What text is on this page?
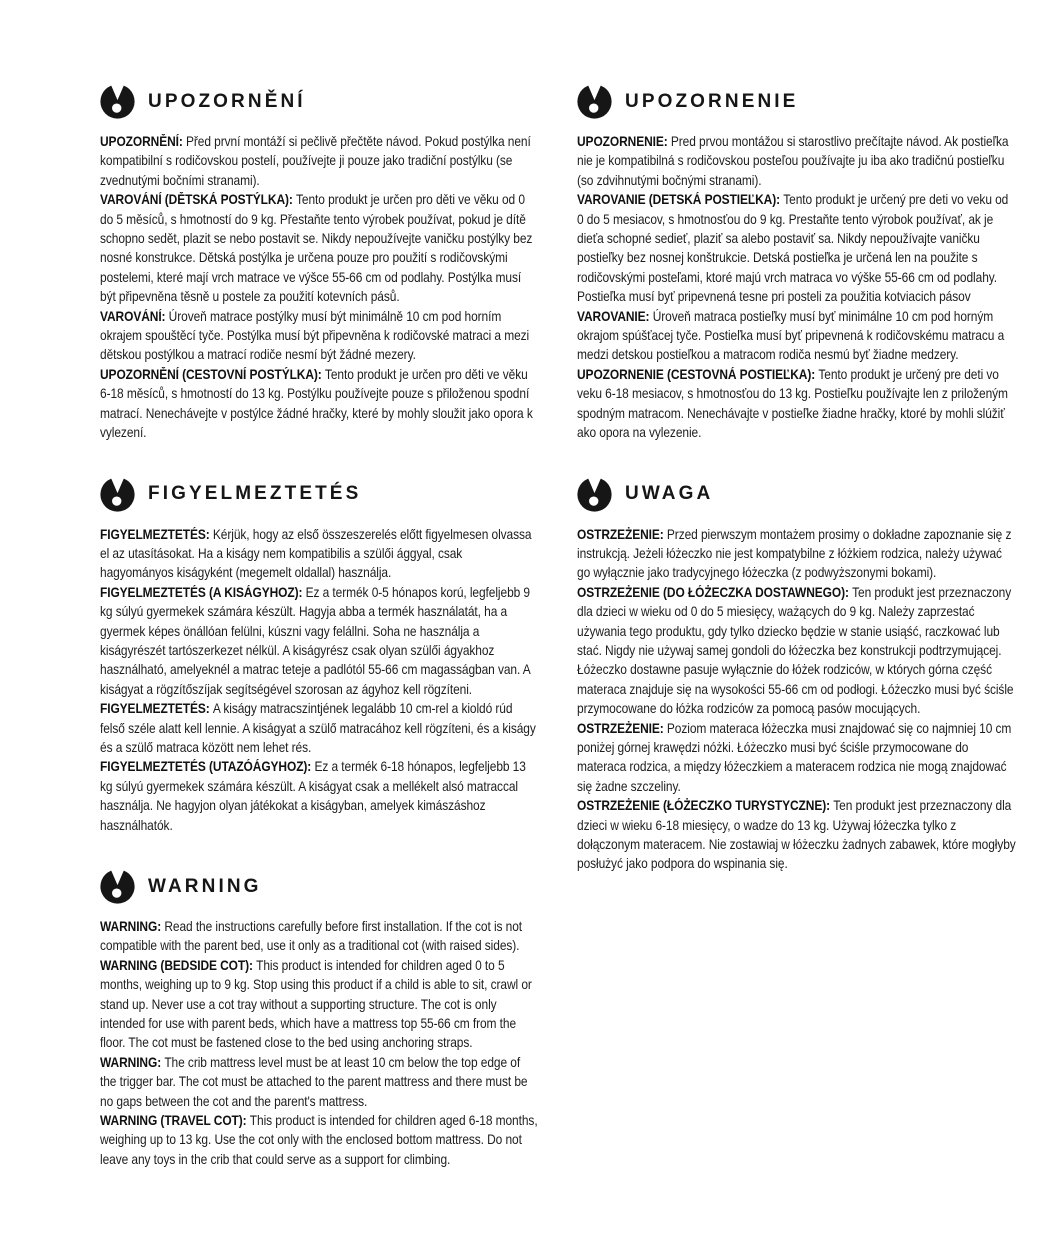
UPOZORNĚNÍ

UPOZORNĚNÍ: Před první montáží si pečlivě přečtěte návod. Pokud postýlka není kompatibilní s rodičovskou postelí, používejte ji pouze jako tradiční postýlku (se zvednutými bočními stranami).

VAROVÁNÍ (DĚTSKÁ POSTÝLKA): Tento produkt je určen pro děti ve věku od 0 do 5 měsíců, s hmotností do 9 kg. Přestaňte tento výrobek používat, pokud je dítě schopno sedět, plazit se nebo postavit se. Nikdy nepoužívejte vaničku postýlky bez nosné konstrukce. Dětská postýlka je určena pouze pro použití s rodičovskými postelemi, které mají vrch matrace ve výšce 55-66 cm od podlahy. Postýlka musí být připevněna těsně u postele za použití kotevních pásů.

VAROVÁNÍ: Úroveň matrace postýlky musí být minimálně 10 cm pod horním okrajem spouštěcí tyče. Postýlka musí být připevněna k rodičovské matraci a mezi dětskou postýlkou a matrací rodiče nesmí být žádné mezery.

UPOZORNĚNÍ (CESTOVNÍ POSTÝLKA): Tento produkt je určen pro děti ve věku 6-18 měsíců, s hmotností do 13 kg. Postýlku používejte pouze s přiloženou spodní matrací. Nenechávejte v postýlce žádné hračky, které by mohly sloužit jako opora k vylezení.

FIGYELMEZTETÉS

FIGYELMEZTETÉS: Kérjük, hogy az első összeszerelés előtt figyelmesen olvassa el az utasításokat. Ha a kiságy nem kompatibilis a szülői ággyal, csak hagyományos kiságyként (megemelt oldallal) használja.

FIGYELMEZTETÉS (A KISÁGYHOZ): Ez a termék 0-5 hónapos korú, legfeljebb 9 kg súlyú gyermekek számára készült. Hagyja abba a termék használatát, ha a gyermek képes önállóan felülni, kúszni vagy felállni. Soha ne használja a kiságyrészét tartószerkezet nélkül. A kiságyrész csak olyan szülői ágyakhoz használható, amelyeknél a matrac teteje a padlótól 55-66 cm magasságban van. A kiságyat a rögzítőszíjak segítségével szorosan az ágyhoz kell rögzíteni.

FIGYELMEZTETÉS: A kiságy matracszintjének legalább 10 cm-rel a kioldó rúd felső széle alatt kell lennie. A kiságyat a szülő matracához kell rögzíteni, és a kiságy és a szülő matraca között nem lehet rés.

FIGYELMEZTETÉS (UTAZÓÁGYHOZ): Ez a termék 6-18 hónapos, legfeljebb 13 kg súlyú gyermekek számára készült. A kiságyat csak a mellékelt alsó matraccal használja. Ne hagyjon olyan játékokat a kiságyban, amelyek kimászáshoz használhatók.

WARNING

WARNING: Read the instructions carefully before first installation. If the cot is not compatible with the parent bed, use it only as a traditional cot (with raised sides).

WARNING (BEDSIDE COT): This product is intended for children aged 0 to 5 months, weighing up to 9 kg. Stop using this product if a child is able to sit, crawl or stand up. Never use a cot tray without a supporting structure. The cot is only intended for use with parent beds, which have a mattress top 55-66 cm from the floor. The cot must be fastened close to the bed using anchoring straps.

WARNING: The crib mattress level must be at least 10 cm below the top edge of the trigger bar. The cot must be attached to the parent mattress and there must be no gaps between the cot and the parent's mattress.

WARNING (TRAVEL COT): This product is intended for children aged 6-18 months, weighing up to 13 kg. Use the cot only with the enclosed bottom mattress. Do not leave any toys in the crib that could serve as a support for climbing.

UPOZORNENIE

UPOZORNENIE: Pred prvou montážou si starostlivo prečítajte návod. Ak postieľka nie je kompatibilná s rodičovskou posteľou používajte ju iba ako tradičnú postieľku (so zdvihnutými bočnými stranami).

VAROVANIE (DETSKÁ POSTIEĽKA): Tento produkt je určený pre deti vo veku od 0 do 5 mesiacov, s hmotnosťou do 9 kg. Prestaňte tento výrobok používať, ak je dieťa schopné sedieť, plaziť sa alebo postaviť sa. Nikdy nepoužívajte vaničku postieľky bez nosnej konštrukcie. Detská postieľka je určená len na použite s rodičovskými posteľami, ktoré majú vrch matraca vo výške 55-66 cm od podlahy. Postieľka musí byť pripevnená tesne pri posteli za použitia kotviacich pásov

VAROVANIE: Úroveň matraca postieľky musí byť minimálne 10 cm pod horným okrajom spúšťacej tyče. Postieľka musí byť pripevnená k rodičovskému matracu a medzi detskou postieľkou a matracom rodiča nesmú byť žiadne medzery.

UPOZORNENIE (CESTOVNÁ POSTIEĽKA): Tento produkt je určený pre deti vo veku 6-18 mesiacov, s hmotnosťou do 13 kg. Postieľku používajte len z priloženým spodným matracom. Nenechávajte v postieľke žiadne hračky, ktoré by mohli slúžiť ako opora na vylezenie.

UWAGA

OSTRZEŻENIE: Przed pierwszym montażem prosimy o dokładne zapoznanie się z instrukcją. Jeżeli łóżeczko nie jest kompatybilne z łóżkiem rodzica, należy używać go wyłącznie jako tradycyjnego łóżeczka (z podwyższonymi bokami).

OSTRZEŻENIE (DO ŁÓŻECZKA DOSTAWNEGO): Ten produkt jest przeznaczony dla dzieci w wieku od 0 do 5 miesięcy, ważących do 9 kg. Należy zaprzestać używania tego produktu, gdy tylko dziecko będzie w stanie usiąść, raczkować lub stać. Nigdy nie używaj samej gondoli do łóżeczka bez konstrukcji podtrzymującej. Łóżeczko dostawne pasuje wyłącznie do łóżek rodziców, w których górna część materaca znajduje się na wysokości 55-66 cm od podłogi. Łóżeczko musi być ściśle przymocowane do łóżka rodziców za pomocą pasów mocujących.

OSTRZEŻENIE: Poziom materaca łóżeczka musi znajdować się co najmniej 10 cm poniżej górnej krawędzi nóżki. Łóżeczko musi być ściśle przymocowane do materaca rodzica, a między łóżeczkiem a materacem rodzica nie mogą znajdować się żadne szczeliny.

OSTRZEŻENIE (ŁÓŻECZKO TURYSTYCZNE): Ten produkt jest przeznaczony dla dzieci w wieku 6-18 miesięcy, o wadze do 13 kg. Używaj łóżeczka tylko z dołączonym materacem. Nie zostawiaj w łóżeczku żadnych zabawek, które mogłyby posłużyć jako podpora do wspinania się.
